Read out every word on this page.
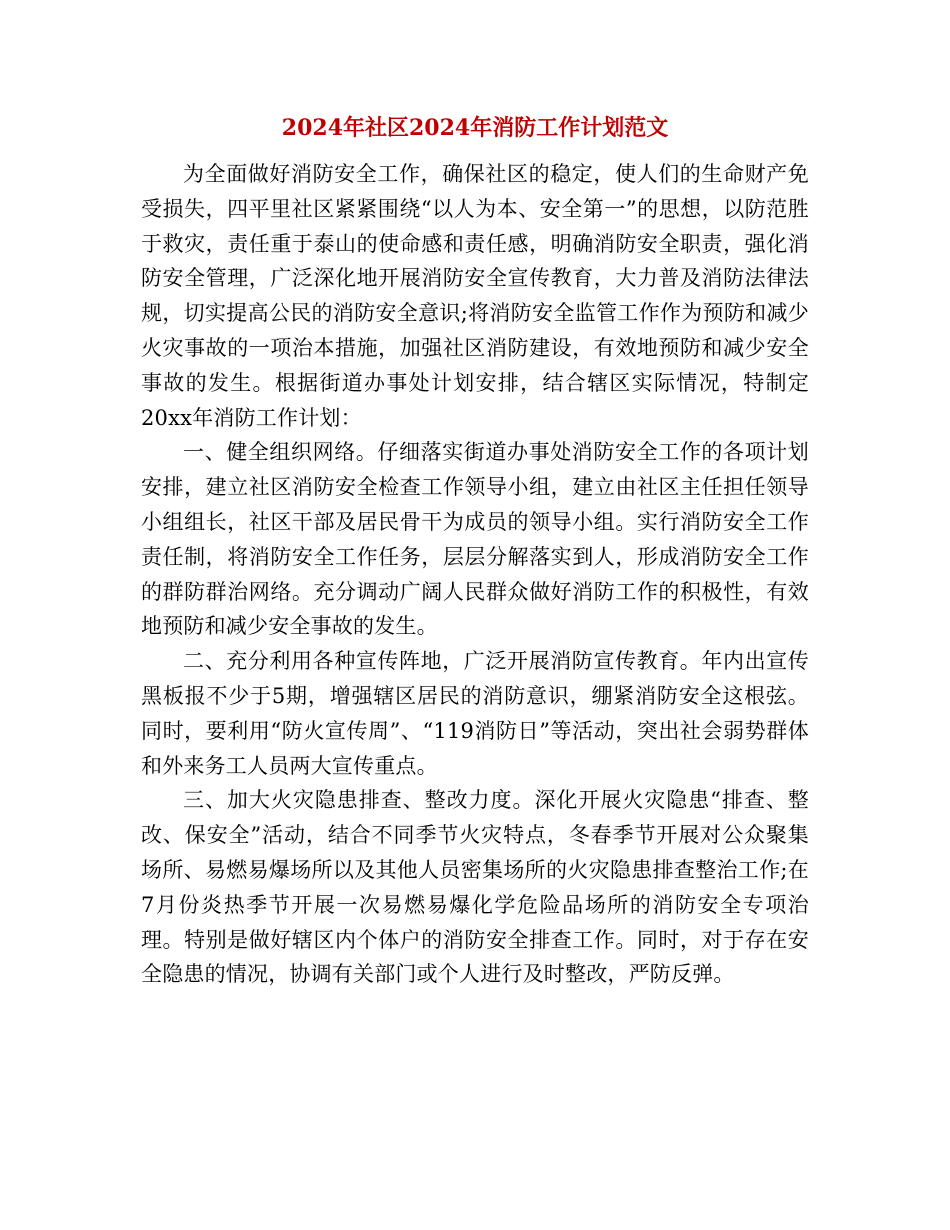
2024年社区2024年消防工作计划范文

为全面做好消防安全工作，确保社区的稳定，使人们的生命财产免受损失，四平里社区紧紧围绕“以人为本、安全第一”的思想，以防范胜于救灾，责任重于泰山的使命感和责任感，明确消防安全职责，强化消防安全管理，广泛深化地开展消防安全宣传教育，大力普及消防法律法规，切实提高公民的消防安全意识;将消防安全监管工作作为预防和减少火灾事故的一项治本措施，加强社区消防建设，有效地预防和减少安全事故的发生。根据街道办事处计划安排，结合辖区实际情况，特制定20xx年消防工作计划：

一、健全组织网络。仔细落实街道办事处消防安全工作的各项计划安排，建立社区消防安全检查工作领导小组，建立由社区主任担任领导小组组长，社区干部及居民骨干为成员的领导小组。实行消防安全工作责任制，将消防安全工作任务，层层分解落实到人，形成消防安全工作的群防群治网络。充分调动广阔人民群众做好消防工作的积极性，有效地预防和减少安全事故的发生。

二、充分利用各种宣传阵地，广泛开展消防宣传教育。年内出宣传黑板报不少于5期，增强辖区居民的消防意识，绷紧消防安全这根弦。同时，要利用“防火宣传周”、“119消防日”等活动，突出社会弱势群体和外来务工人员两大宣传重点。

三、加大火灾隐患排查、整改力度。深化开展火灾隐患“排查、整改、保安全”活动，结合不同季节火灾特点，冬春季节开展对公众聚集场所、易燃易爆场所以及其他人员密集场所的火灾隐患排查整治工作;在7月份炎热季节开展一次易燃易爆化学危险品场所的消防安全专项治理。特别是做好辖区内个体户的消防安全排查工作。同时，对于存在安全隐患的情况，协调有关部门或个人进行及时整改，严防反弹。
